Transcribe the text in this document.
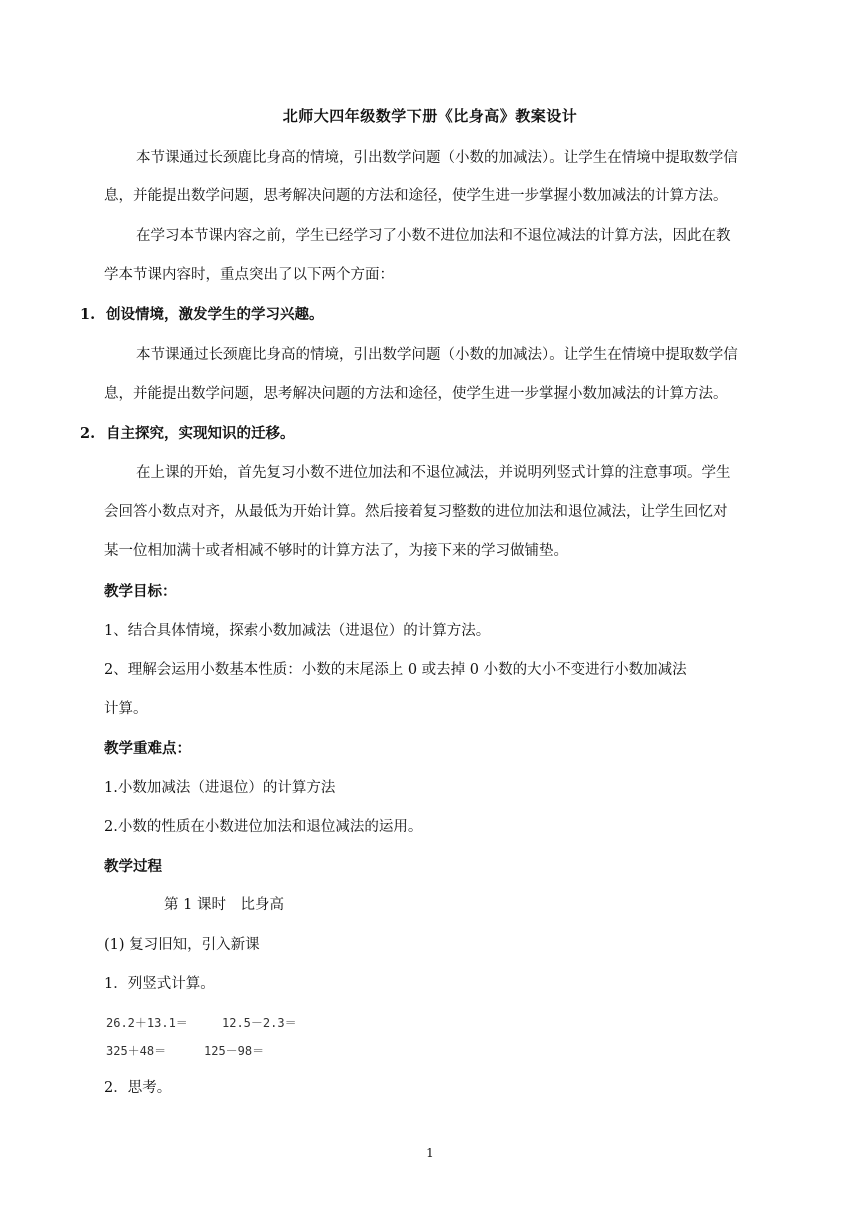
北师大四年级数学下册《比身高》教案设计
本节课通过长颈鹿比身高的情境，引出数学问题（小数的加减法）。让学生在情境中提取数学信
息，并能提出数学问题，思考解决问题的方法和途径，使学生进一步掌握小数加减法的计算方法。
在学习本节课内容之前，学生已经学习了小数不进位加法和不退位减法的计算方法，因此在教
学本节课内容时，重点突出了以下两个方面：
1. 创设情境，激发学生的学习兴趣。
本节课通过长颈鹿比身高的情境，引出数学问题（小数的加减法）。让学生在情境中提取数学信
息，并能提出数学问题，思考解决问题的方法和途径，使学生进一步掌握小数加减法的计算方法。
2. 自主探究，实现知识的迁移。
在上课的开始，首先复习小数不进位加法和不退位减法，并说明列竖式计算的注意事项。学生
会回答小数点对齐，从最低为开始计算。然后接着复习整数的进位加法和退位减法，让学生回忆对
某一位相加满十或者相减不够时的计算方法了，为接下来的学习做铺垫。
教学目标：
1、结合具体情境，探索小数加减法（进退位）的计算方法。
2、理解会运用小数基本性质：小数的末尾添上 0 或去掉 0 小数的大小不变进行小数加减法
计算。
教学重难点：
1.小数加减法（进退位）的计算方法
2.小数的性质在小数进位加法和退位减法的运用。
教学过程
第 1 课时　比身高
(1) 复习旧知，引入新课
1．列竖式计算。
26.2＋13.1＝	12.5－2.3＝
325＋48＝	125－98＝
2．思考。
1
